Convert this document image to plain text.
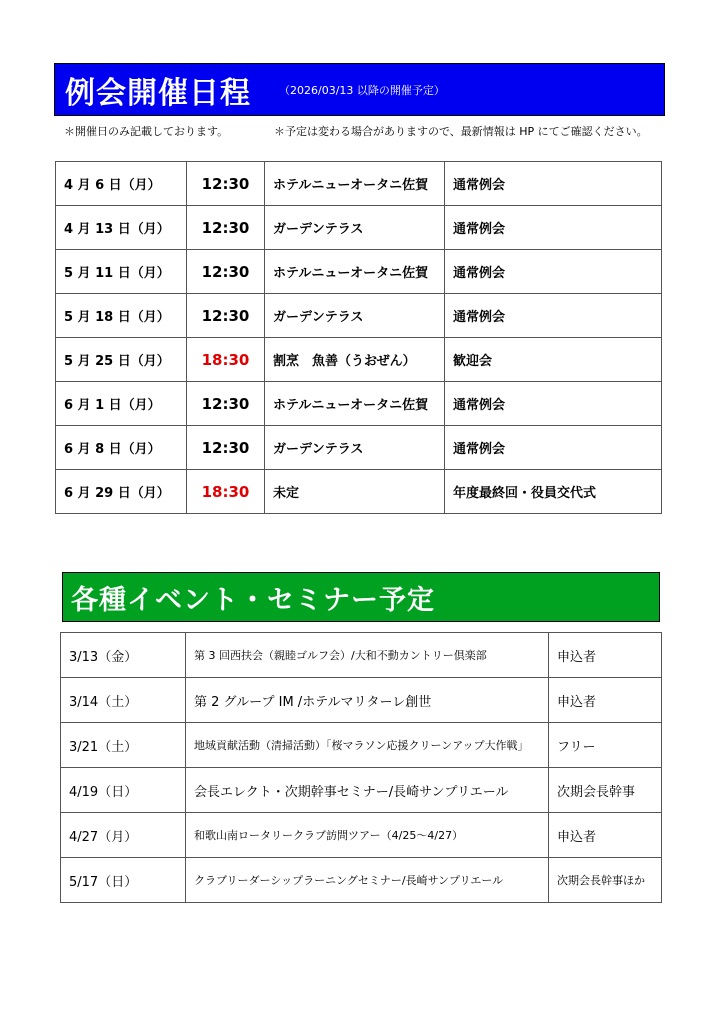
例会開催日程	（2026/03/13 以降の開催予定）
＊開催日のみ記載しております。	＊予定は変わる場合がありますので、最新情報は HP にてご確認ください。
4 月 6 日（月）	12:30	ホテルニューオータニ佐賀	通常例会
4 月 13 日（月）	12:30	ガーデンテラス	通常例会
5 月 11 日（月）	12:30	ホテルニューオータニ佐賀	通常例会
5 月 18 日（月）	12:30	ガーデンテラス	通常例会
5 月 25 日（月）	18:30	割烹　魚善（うおぜん）	歓迎会
6 月 1 日（月）	12:30	ホテルニューオータニ佐賀	通常例会
6 月 8 日（月）	12:30	ガーデンテラス	通常例会
6 月 29 日（月）	18:30	未定	年度最終回・役員交代式
各種イベント・セミナー予定
3/13（金）	第 3 回西扶会（親睦ゴルフ会）/大和不動カントリー倶楽部	申込者
3/14（土）	第 2 グループ IM /ホテルマリターレ創世	申込者
3/21（土）	地域貢献活動（清掃活動）「桜マラソン応援クリーンアップ大作戦」	フリー
4/19（日）	会長エレクト・次期幹事セミナー/長崎サンプリエール	次期会長幹事
4/27（月）	和歌山南ロータリークラブ訪問ツアー（4/25～4/27）	申込者
5/17（日）	クラブリーダーシップラーニングセミナー/長崎サンプリエール	次期会長幹事ほか
